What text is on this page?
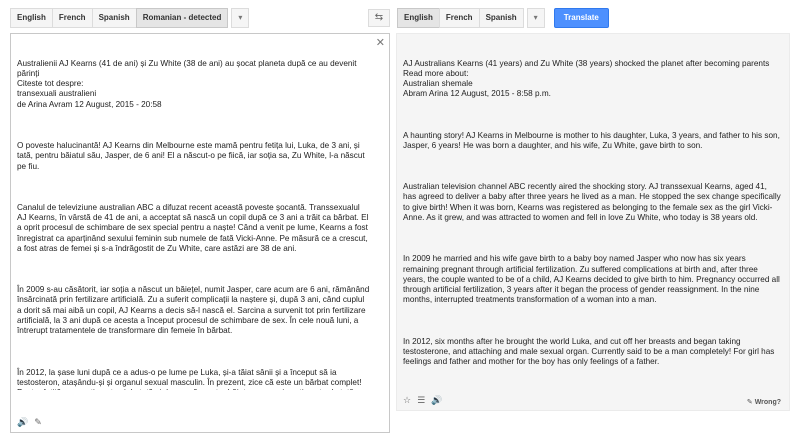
English	French	Spanish	Romanian - detected	▾	⇆	English	French	Spanish	▾	Translate

Australienii AJ Kearns (41 de ani) și Zu White (38 de ani) au șocat planeta după ce au devenit părinți
Citeste tot despre:
transexuali australieni
de Arina Avram 12 August, 2015 - 20:58

O poveste halucinantă! AJ Kearns din Melbourne este mamă pentru fetița lui, Luka, de 3 ani, și tată, pentru băiatul său, Jasper, de 6 ani! El a născut-o pe fiică, iar soția sa, Zu White, l-a născut pe fiu.

Canalul de televiziune australian ABC a difuzat recent această poveste șocantă. Transsexualul AJ Kearns, în vârstă de 41 de ani, a acceptat să nască un copil după ce 3 ani a trăit ca bărbat. El a oprit procesul de schimbare de sex special pentru a naște! Când a venit pe lume, Kearns a fost înregistrat ca aparținând sexului feminin sub numele de fată Vicki-Anne. Pe măsură ce a crescut, a fost atras de femei și s-a îndrăgostit de Zu White, care astăzi are 38 de ani.

În 2009 s-au căsătorit, iar soția a născut un băiețel, numit Jasper, care acum are 6 ani, rămânând însărcinată prin fertilizare artificială. Zu a suferit complicații la naștere și, după 3 ani, când cuplul a dorit să mai aibă un copil, AJ Kearns a decis să-l nască el. Sarcina a survenit tot prin fertilizare artificială, la 3 ani după ce acesta a început procesul de schimbare de sex. În cele nouă luni, a întrerupt tratamentele de transformare din femeie în bărbat.

În 2012, la șase luni după ce a adus-o pe lume pe Luka, și-a tăiat sânii și a început să ia testosteron, atașându-și și organul sexual masculin. În prezent, zice că este un bărbat complet!

✕
🔊 ✎

AJ Australians Kearns (41 years) and Zu White (38 years) shocked the planet after becoming parents
Read more about:
Australian shemale
Abram Arina 12 August, 2015 - 8:58 p.m.

A haunting story! AJ Kearns in Melbourne is mother to his daughter, Luka, 3 years, and father to his son, Jasper, 6 years! He was born a daughter, and his wife, Zu White, gave birth to son.

Australian television channel ABC recently aired the shocking story. AJ transsexual Kearns, aged 41, has agreed to deliver a baby after three years he lived as a man. He stopped the sex change specifically to give birth! When it was born, Kearns was registered as belonging to the female sex as the girl Vicki-Anne. As it grew, and was attracted to women and fell in love Zu White, who today is 38 years old.

In 2009 he married and his wife gave birth to a baby boy named Jasper who now has six years remaining pregnant through artificial fertilization. Zu suffered complications at birth and, after three years, the couple wanted to be of a child, AJ Kearns decided to give birth to him. Pregnancy occurred all through artificial fertilization, 3 years after it began the process of gender reassignment. In the nine months, interrupted treatments transformation of a woman into a man.

In 2012, six months after he brought the world Luka, and cut off her breasts and began taking testosterone, and attaching and male sexual organ. Currently said to be a man completely! For girl has feelings and father and mother for the boy has only feelings of a father.

☆ ☰ 🔊	✎ Wrong?
